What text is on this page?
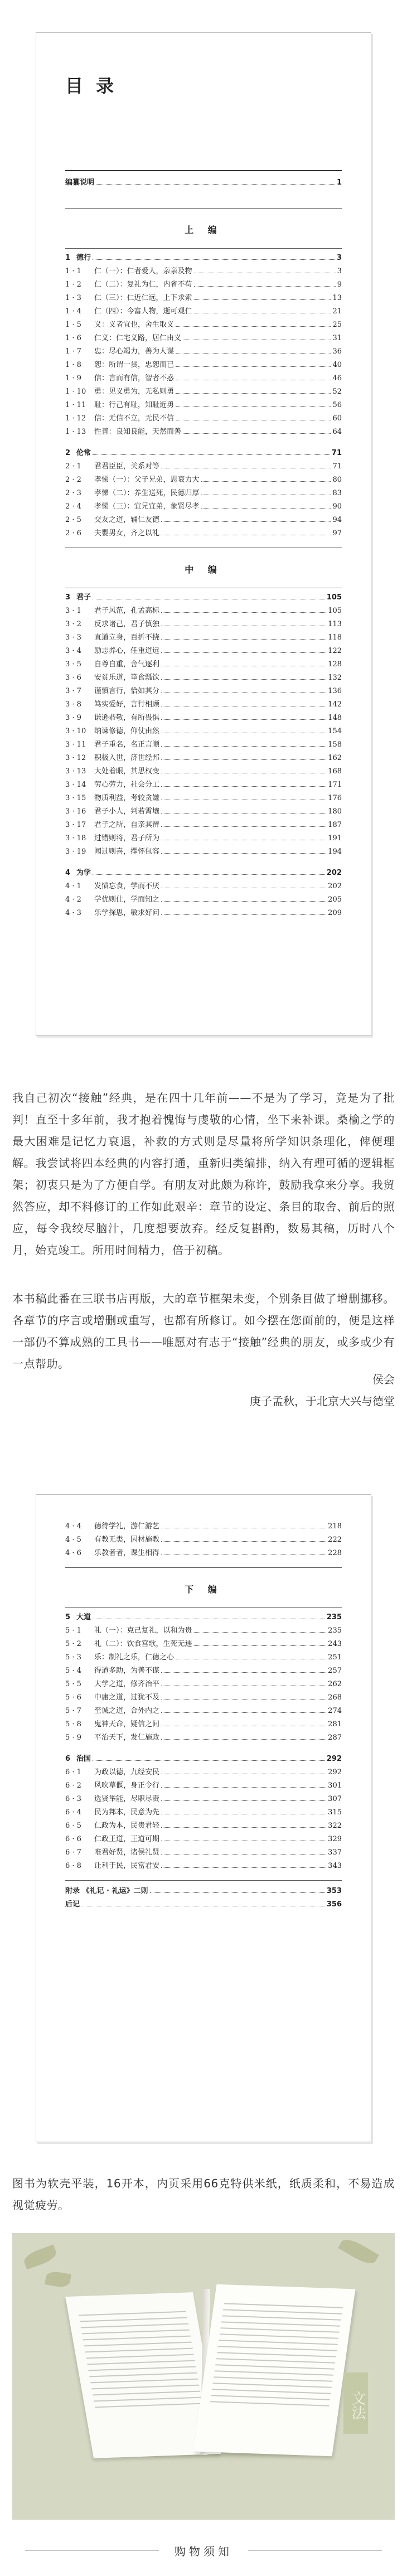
目 录
编纂说明	1
上 编
1 德行	3
1 · 1	仁（一）：仁者爱人，亲亲及物	3
1 · 2	仁（二）：复礼为仁，内省不苟	9
1 · 3	仁（三）：仁近仁远，上下求索	13
1 · 4	仁（四）：今富人物，逝可观仁	21
1 · 5	义：义者宜也，舍生取义	25
1 · 6	仁义：仁宅义路，居仁由义	31
1 · 7	忠：尽心竭力，善为人谋	36
1 · 8	恕：所谓一贯，忠恕而已	40
1 · 9	信：言而有信，智者不惑	46
1 · 10	勇：见义勇为，无私则勇	52
1 · 11	耻：行己有耻，知耻近勇	56
1 · 12	信：无信不立，无民不信	60
1 · 13	性善：良知良能，天然而善	64
2 伦常	71
2 · 1	君君臣臣，关系对等	71
2 · 2	孝悌（一）：父子兄弟，恩衰力大	80
2 · 3	孝悌（二）：养生送死，民德归厚	83
2 · 4	孝悌（三）：宜兄宜弟，象贤尽孝	90
2 · 5	交友之道，辅仁友德	94
2 · 6	夫婴男女，齐之以礼	97
中 编
3 君子	105
3 · 1	君子风范，孔孟高标	105
3 · 2	反求诸己，君子慎独	113
3 · 3	直道立身，百折不挠	118
3 · 4	励志养心，任重道远	122
3 · 5	自尊自重，舍气逐利	128
3 · 6	安贫乐道，箪食瓢饮	132
3 · 7	谨慎言行，恰如其分	136
3 · 8	笃实爱好，言行相顾	142
3 · 9	谦逊恭敬，有所畏惧	148
3 · 10	纳谏修德，仰仗由然	154
3 · 11	君子重名，名正言顺	158
3 · 12	积极入世，济世经邦	162
3 · 13	大处着眼，其思权变	168
3 · 14	劳心劳力，社会分工	171
3 · 15	物质利益，考较贪嫌	176
3 · 16	君子小人，判若霄壤	180
3 · 17	君子之所，自亲其辨	187
3 · 18	过错则将，君子所为	191
3 · 19	闻过则喜，擇怀包容	194
4 为学	202
4 · 1	发愤忘食，学而不厌	202
4 · 2	学优则仕，学而知之	205
4 · 3	乐学探思，敏求好问	209
我自己初次“接触”经典，是在四十几年前——不是为了学习，竟是为了批判！直至十多年前，我才抱着愧悔与虔敬的心情，坐下来补课。桑榆之学的最大困难是记忆力衰退，补救的方式则是尽量将所学知识条理化，俾便理解。我尝试将四本经典的内容打通，重新归类编排，纳入有理可循的逻辑框架；初衷只是为了方便自学。有朋友对此颇为称许，鼓励我拿来分享。我贸然答应，却不料修订的工作如此艰辛：章节的设定、条目的取舍、前后的照应，每令我绞尽脑汁，几度想要放弃。经反复斟酌，数易其稿，历时八个月，始克竣工。所用时间精力，倍于初稿。
本书稿此番在三联书店再版，大的章节框架未变，个别条目做了增删挪移。各章节的序言或增删或重写，也都有所修订。如今摆在您面前的，便是这样一部仍不算成熟的工具书——唯愿对有志于“接触”经典的朋友，或多或少有一点帮助。
侯会
庚子孟秋，于北京大兴与德堂
4 · 4	德待学礼，游仁游艺	218
4 · 5	有教无类，因材施教	222
4 · 6	乐教者者，课生相得	228
下 编
5 大道	235
5 · 1	礼（一）：克己复礼，以和为贵	235
5 · 2	礼（二）：饮食宫歌，生死无违	243
5 · 3	乐：制礼之乐，仁德之心	251
5 · 4	得道多助，为善不谋	257
5 · 5	大学之道，修齐治平	262
5 · 6	中庸之道，过犹不及	268
5 · 7	至诚之道，合外内之	274
5 · 8	鬼神天命，疑信之间	281
5 · 9	平治天下，发仁施政	287
6 治国	292
6 · 1	为政以德，九经安民	292
6 · 2	风吹草偃，身正令行	301
6 · 3	选贤举能，尽职尽责	307
6 · 4	民为邦本，民意为先	315
6 · 5	仁政为本，民贵君轻	322
6 · 6	仁政王道，王道可期	329
6 · 7	唯君好贤，诸侯礼贤	337
6 · 8	让利于民，民富君安	343
附录 《礼记 · 礼运》二则	353
后记	356
图书为软壳平装，16开本，内页采用66克特供米纸，纸质柔和，不易造成视觉疲劳。
文法
购物须知
